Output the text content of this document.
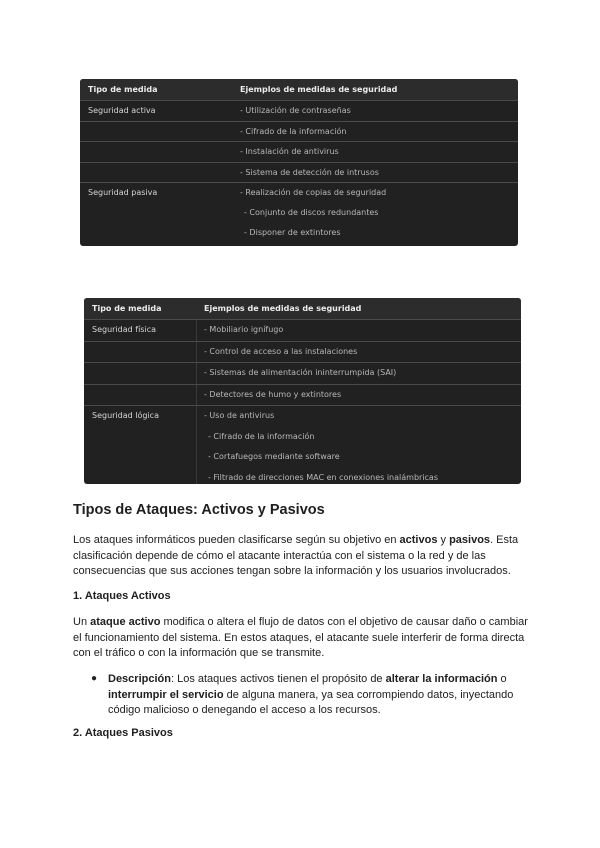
Tipo de medida	Ejemplos de medidas de seguridad
Seguridad activa	- Utilización de contraseñas
- Cifrado de la información
- Instalación de antivirus
- Sistema de detección de intrusos
Seguridad pasiva	- Realización de copias de seguridad
- Conjunto de discos redundantes
- Disponer de extintores
Tipo de medida	Ejemplos de medidas de seguridad
Seguridad física	- Mobiliario ignífugo
- Control de acceso a las instalaciones
- Sistemas de alimentación ininterrumpida (SAI)
- Detectores de humo y extintores
Seguridad lógica	- Uso de antivirus
- Cifrado de la información
- Cortafuegos mediante software
- Filtrado de direcciones MAC en conexiones inalámbricas
Tipos de Ataques: Activos y Pasivos

Los ataques informáticos pueden clasificarse según su objetivo en activos y pasivos. Esta clasificación depende de cómo el atacante interactúa con el sistema o la red y de las consecuencias que sus acciones tengan sobre la información y los usuarios involucrados.

1. Ataques Activos

Un ataque activo modifica o altera el flujo de datos con el objetivo de causar daño o cambiar el funcionamiento del sistema. En estos ataques, el atacante suele interferir de forma directa con el tráfico o con la información que se transmite.

● Descripción: Los ataques activos tienen el propósito de alterar la información o interrumpir el servicio de alguna manera, ya sea corrompiendo datos, inyectando código malicioso o denegando el acceso a los recursos.

2. Ataques Pasivos
